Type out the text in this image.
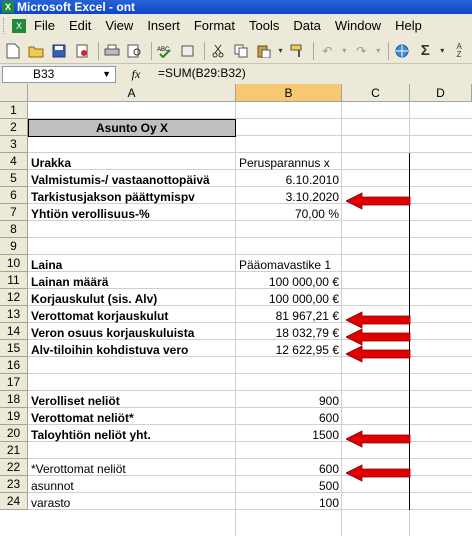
X Microsoft Excel - ont
X File Edit View Insert Format Tools Data Window Help
ABC	▾	↶	▾ ↷	▾	Σ	▾	A
Z
B33	▼	fx	=SUM(B29:B32)
A	B	C	D
1
2
3
4
5
6
7
8
9
10
11
12
13
14
15
16
17
18
19
20
21
22
23
24
Asunto Oy X
Urakka	Perusparannus x
Valmistumis-/ vastaanottopäivä	6.10.2010
Tarkistusjakson päättymispv	3.10.2020
Yhtiön verollisuus-%	70,00 %
Laina	Pääomavastike 1
Lainan määrä	100 000,00 €
Korjauskulut (sis. Alv)	100 000,00 €
Verottomat korjauskulut	81 967,21 €
Veron osuus korjauskuluista	18 032,79 €
Alv-tiloihin kohdistuva vero	12 622,95 €
Verolliset neliöt	900
Verottomat neliöt*	600
Taloyhtiön neliöt yht.	1500
*Verottomat neliöt	600
asunnot	500
varasto	100
